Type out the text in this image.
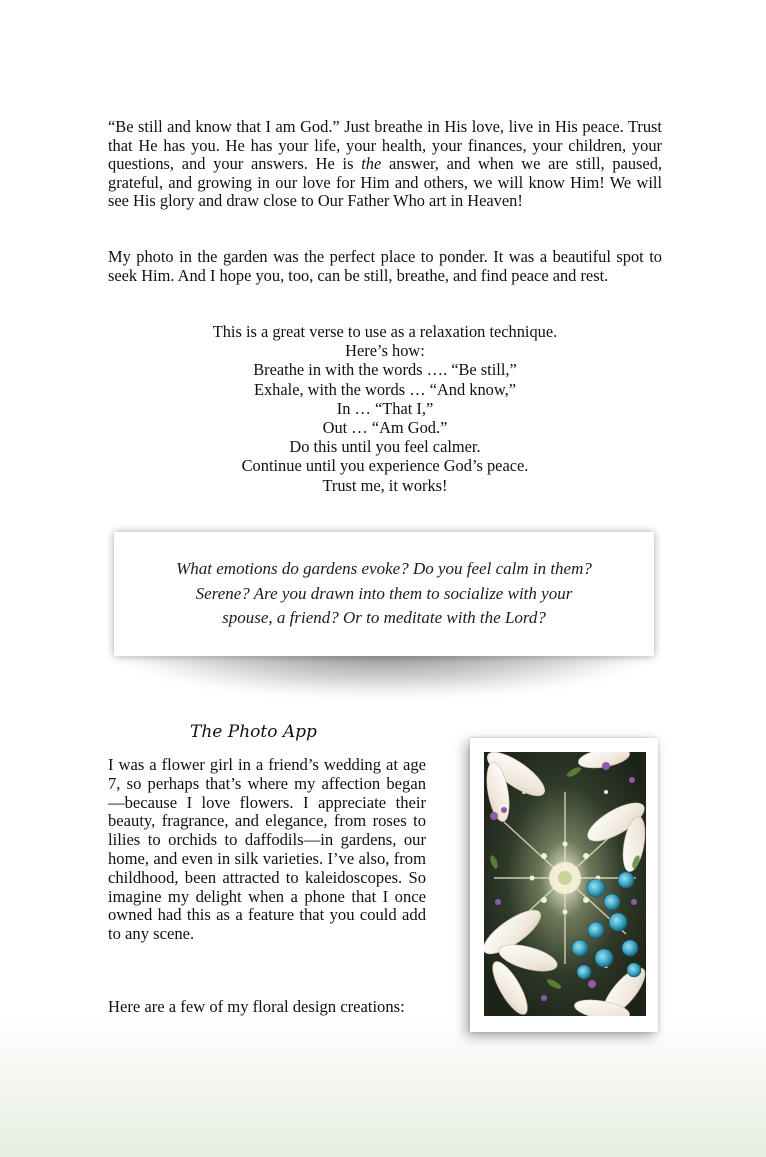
“Be still and know that I am God.” Just breathe in His love, live in His peace. Trust that He has you. He has your life, your health, your finances, your children, your questions, and your answers. He is the answer, and when we are still, paused, grateful, and growing in our love for Him and others, we will know Him! We will see His glory and draw close to Our Father Who art in Heaven!

My photo in the garden was the perfect place to ponder. It was a beautiful spot to seek Him. And I hope you, too, can be still, breathe, and find peace and rest.

This is a great verse to use as a relaxation technique.
Here’s how:
Breathe in with the words …. “Be still,”
Exhale, with the words … “And know,”
In … “That I,”
Out … “Am God.”
Do this until you feel calmer.
Continue until you experience God’s peace.
Trust me, it works!

What emotions do gardens evoke? Do you feel calm in them? Serene? Are you drawn into them to socialize with your spouse, a friend? Or to meditate with the Lord?

The Photo App

I was a flower girl in a friend’s wedding at age 7, so perhaps that’s where my affection began—because I love flowers. I appreciate their beauty, fragrance, and elegance, from roses to lilies to orchids to daffodils—in gardens, our home, and even in silk varieties. I’ve also, from childhood, been attracted to kaleidoscopes. So imagine my delight when a phone that I once owned had this as a feature that you could add to any scene.

Here are a few of my floral design creations:
